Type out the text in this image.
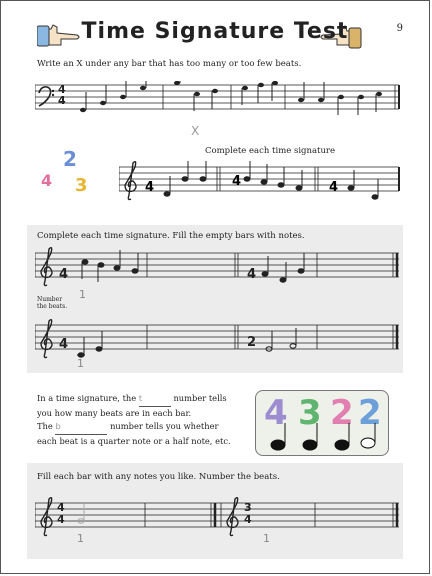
9
Time Signature Test
Write an X under any bar that has too many or too few beats.
4
4
X
2
4 3
Complete each time signature
4	4	4
Complete each time signature. Fill the empty bars with notes.
4	4
1
Number
the beats.
4	2
1
In a time signature, the t	number tells
you how many beats are in each bar.
The b	number tells you whether
each beat is a quarter note or a half note, etc.
4 3 2 2
Fill each bar with any notes you like. Number the beats.
4
4
3
4
1	1
